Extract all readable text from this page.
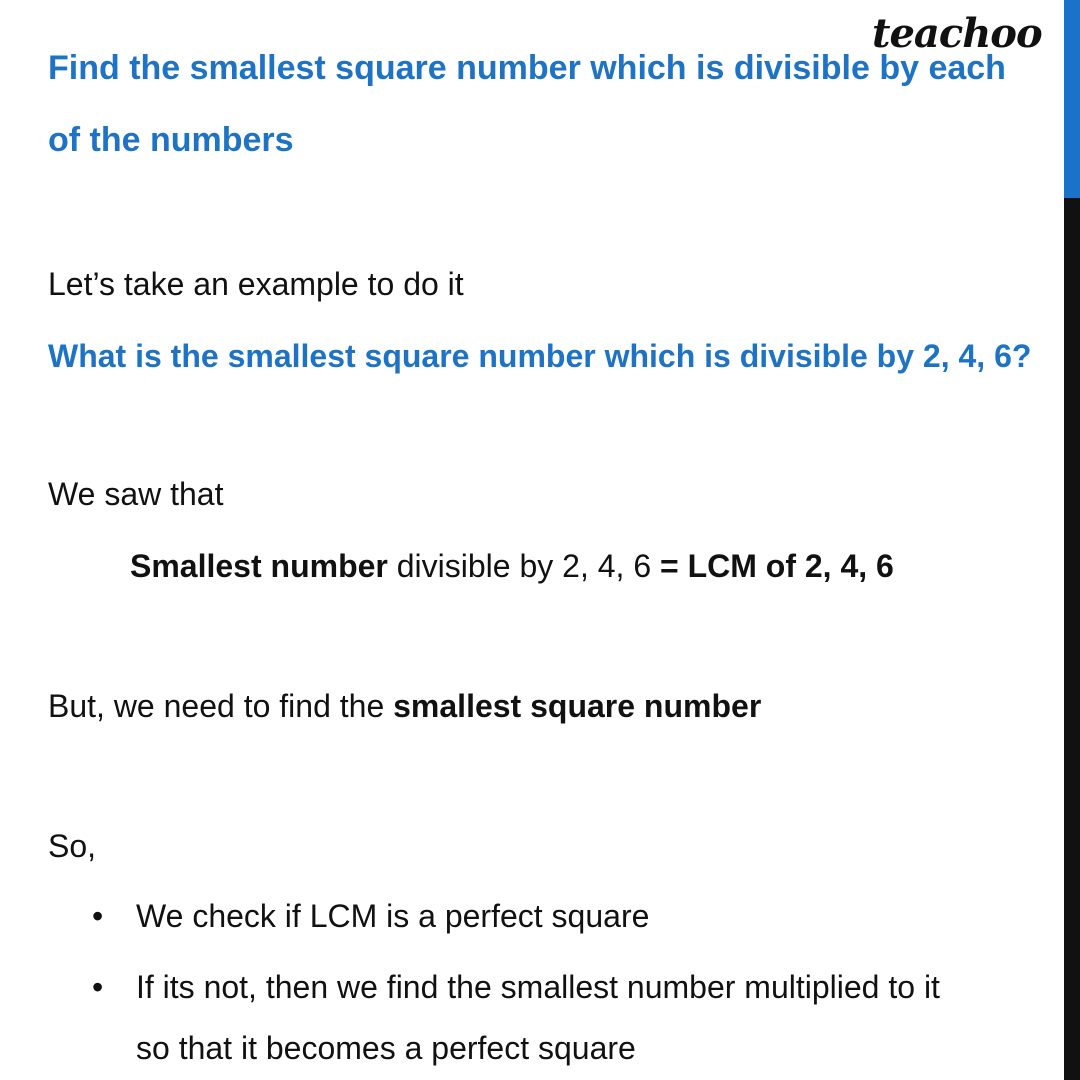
Find the smallest square number which is divisible by each of the numbers
teachoo
Let’s take an example to do it
What is the smallest square number which is divisible by 2, 4, 6?
We saw that
Smallest number divisible by 2, 4, 6 = LCM of 2, 4, 6
But, we need to find the smallest square number
So,
• We check if LCM is a perfect square
• If its not, then we find the smallest number multiplied to it
so that it becomes a perfect square
